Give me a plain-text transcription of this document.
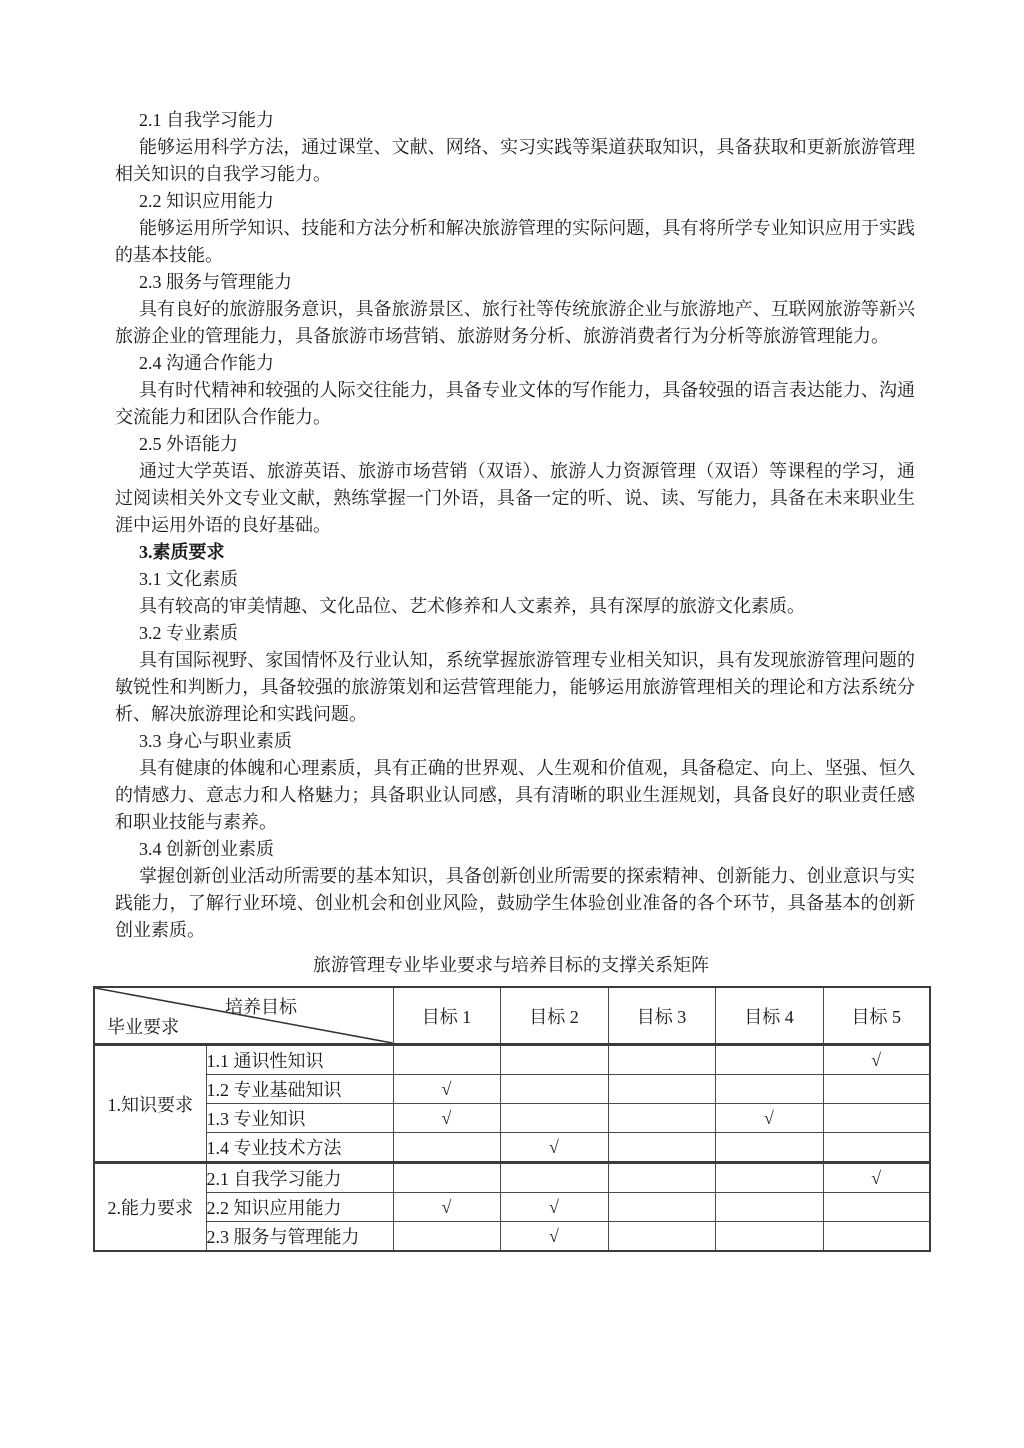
2.1 自我学习能力

能够运用科学方法，通过课堂、文献、网络、实习实践等渠道获取知识，具备获取和更新旅游管理相关知识的自我学习能力。

2.2 知识应用能力

能够运用所学知识、技能和方法分析和解决旅游管理的实际问题，具有将所学专业知识应用于实践的基本技能。

2.3 服务与管理能力

具有良好的旅游服务意识，具备旅游景区、旅行社等传统旅游企业与旅游地产、互联网旅游等新兴旅游企业的管理能力，具备旅游市场营销、旅游财务分析、旅游消费者行为分析等旅游管理能力。

2.4 沟通合作能力

具有时代精神和较强的人际交往能力，具备专业文体的写作能力，具备较强的语言表达能力、沟通交流能力和团队合作能力。

2.5 外语能力

通过大学英语、旅游英语、旅游市场营销（双语）、旅游人力资源管理（双语）等课程的学习，通过阅读相关外文专业文献，熟练掌握一门外语，具备一定的听、说、读、写能力，具备在未来职业生涯中运用外语的良好基础。

3.素质要求

3.1 文化素质

具有较高的审美情趣、文化品位、艺术修养和人文素养，具有深厚的旅游文化素质。

3.2 专业素质

具有国际视野、家国情怀及行业认知，系统掌握旅游管理专业相关知识，具有发现旅游管理问题的敏锐性和判断力，具备较强的旅游策划和运营管理能力，能够运用旅游管理相关的理论和方法系统分析、解决旅游理论和实践问题。

3.3 身心与职业素质

具有健康的体魄和心理素质，具有正确的世界观、人生观和价值观，具备稳定、向上、坚强、恒久的情感力、意志力和人格魅力；具备职业认同感，具有清晰的职业生涯规划，具备良好的职业责任感和职业技能与素养。

3.4 创新创业素质

掌握创新创业活动所需要的基本知识，具备创新创业所需要的探索精神、创新能力、创业意识与实践能力，了解行业环境、创业机会和创业风险，鼓励学生体验创业准备的各个环节，具备基本的创新创业素质。

旅游管理专业毕业要求与培养目标的支撑关系矩阵
培养目标
毕业要求		目标 1	目标 2	目标 3	目标 4	目标 5
1.知识要求	1.1 通识性知识					√
	1.2 专业基础知识	√				
	1.3 专业知识	√			√	
	1.4 专业技术方法		√			
2.能力要求	2.1 自我学习能力					√
	2.2 知识应用能力	√	√			
	2.3 服务与管理能力		√			
